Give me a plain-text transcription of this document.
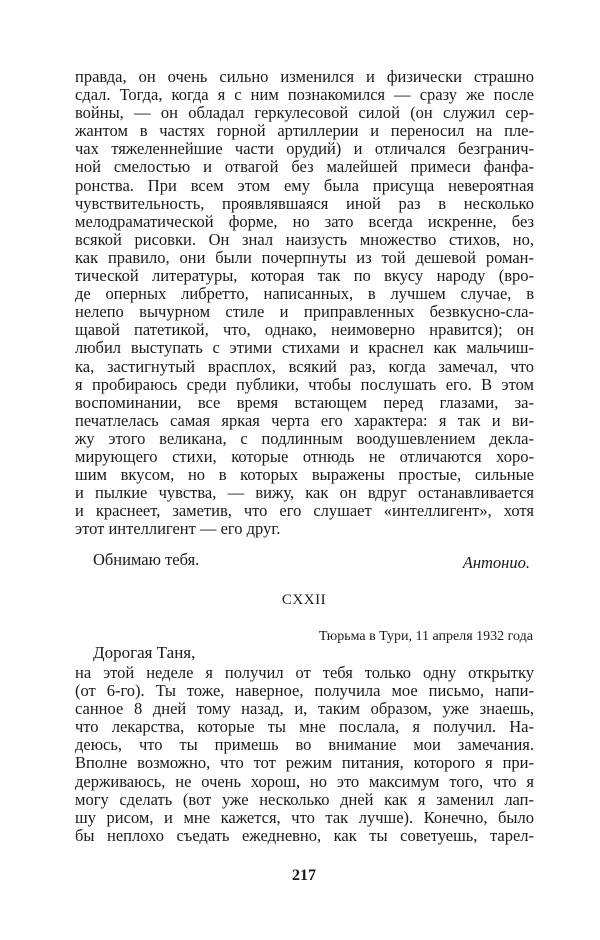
правда, он очень сильно изменился и физически страшно
сдал. Тогда, когда я с ним познакомился — сразу же после
войны, — он обладал геркулесовой силой (он служил сер-
жантом в частях горной артиллерии и переносил на пле-
чах тяжеленнейшие части орудий) и отличался безгранич-
ной смелостью и отвагой без малейшей примеси фанфа-
ронства. При всем этом ему была присуща невероятная
чувствительность, проявлявшаяся иной раз в несколько
мелодраматической форме, но зато всегда искренне, без
всякой рисовки. Он знал наизусть множество стихов, но,
как правило, они были почерпнуты из той дешевой роман-
тической литературы, которая так по вкусу народу (вро-
де оперных либретто, написанных, в лучшем случае, в
нелепо вычурном стиле и приправленных безвкусно-сла-
щавой патетикой, что, однако, неимоверно нравится); он
любил выступать с этими стихами и краснел как мальчиш-
ка, застигнутый врасплох, всякий раз, когда замечал, что
я пробираюсь среди публики, чтобы послушать его. В этом
воспоминании, все время встающем перед глазами, за-
печатлелась самая яркая черта его характера: я так и ви-
жу этого великана, с подлинным воодушевлением декла-
мирующего стихи, которые отнюдь не отличаются хоро-
шим вкусом, но в которых выражены простые, сильные
и пылкие чувства, — вижу, как он вдруг останавливается
и краснеет, заметив, что его слушает «интеллигент», хотя
этот интеллигент — его друг.
Обнимаю тебя.	Антонио.
CXXII
Тюрьма в Тури, 11 апреля 1932 года
Дорогая Таня,
на этой неделе я получил от тебя только одну открытку
(от 6-го). Ты тоже, наверное, получила мое письмо, напи-
санное 8 дней тому назад, и, таким образом, уже знаешь,
что лекарства, которые ты мне послала, я получил. На-
деюсь, что ты примешь во внимание мои замечания.
Вполне возможно, что тот режим питания, которого я при-
держиваюсь, не очень хорош, но это максимум того, что я
могу сделать (вот уже несколько дней как я заменил лап-
шу рисом, и мне кажется, что так лучше). Конечно, было
бы неплохо съедать ежедневно, как ты советуешь, тарел-
217
